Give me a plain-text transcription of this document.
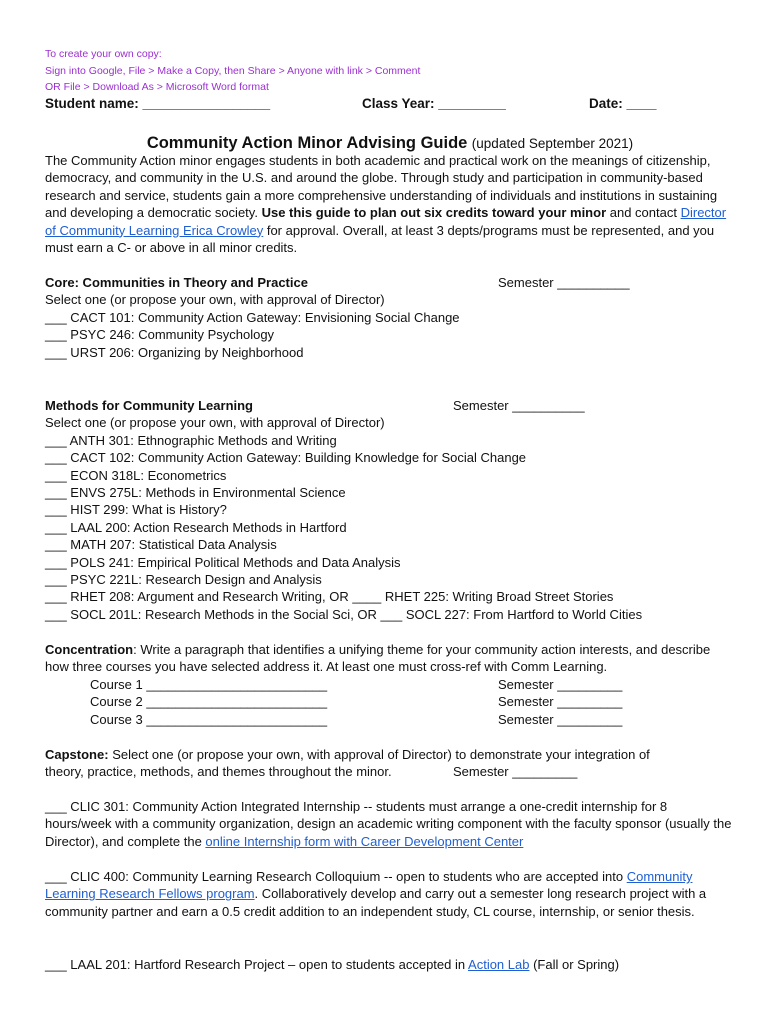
To create your own copy:
Sign into Google, File > Make a Copy, then Share > Anyone with link > Comment
OR File > Download As > Microsoft Word format
Student name: _________________	Class Year: _________	Date: ____
Community Action Minor Advising Guide (updated September 2021)
The Community Action minor engages students in both academic and practical work on the meanings of citizenship, democracy, and community in the U.S. and around the globe. Through study and participation in community-based research and service, students gain a more comprehensive understanding of individuals and institutions in sustaining and developing a democratic society. Use this guide to plan out six credits toward your minor and contact Director of Community Learning Erica Crowley for approval. Overall, at least 3 depts/programs must be represented, and you must earn a C- or above in all minor credits.
Core: Communities in Theory and Practice	Semester __________
Select one (or propose your own, with approval of Director)
___ CACT 101: Community Action Gateway: Envisioning Social Change
___ PSYC 246: Community Psychology
___ URST 206: Organizing by Neighborhood
Methods for Community Learning	Semester __________
Select one (or propose your own, with approval of Director)
___ ANTH 301: Ethnographic Methods and Writing
___ CACT 102: Community Action Gateway: Building Knowledge for Social Change
___ ECON 318L: Econometrics
___ ENVS 275L: Methods in Environmental Science
___ HIST 299: What is History?
___ LAAL 200: Action Research Methods in Hartford
___ MATH 207: Statistical Data Analysis
___ POLS 241: Empirical Political Methods and Data Analysis
___ PSYC 221L: Research Design and Analysis
___ RHET 208: Argument and Research Writing, OR ____ RHET 225: Writing Broad Street Stories
___ SOCL 201L: Research Methods in the Social Sci, OR ___ SOCL 227: From Hartford to World Cities
Concentration: Write a paragraph that identifies a unifying theme for your community action interests, and describe how three courses you have selected address it. At least one must cross-ref with Comm Learning.
Course 1 _________________________	Semester _________
Course 2 _________________________	Semester _________
Course 3 _________________________	Semester _________
Capstone: Select one (or propose your own, with approval of Director) to demonstrate your integration of
theory, practice, methods, and themes throughout the minor.	Semester _________
___ CLIC 301: Community Action Integrated Internship -- students must arrange a one-credit internship for 8 hours/week with a community organization, design an academic writing component with the faculty sponsor (usually the Director), and complete the online Internship form with Career Development Center
___ CLIC 400: Community Learning Research Colloquium -- open to students who are accepted into Community Learning Research Fellows program. Collaboratively develop and carry out a semester long research project with a community partner and earn a 0.5 credit addition to an independent study, CL course, internship, or senior thesis.
___ LAAL 201: Hartford Research Project – open to students accepted in Action Lab (Fall or Spring)
